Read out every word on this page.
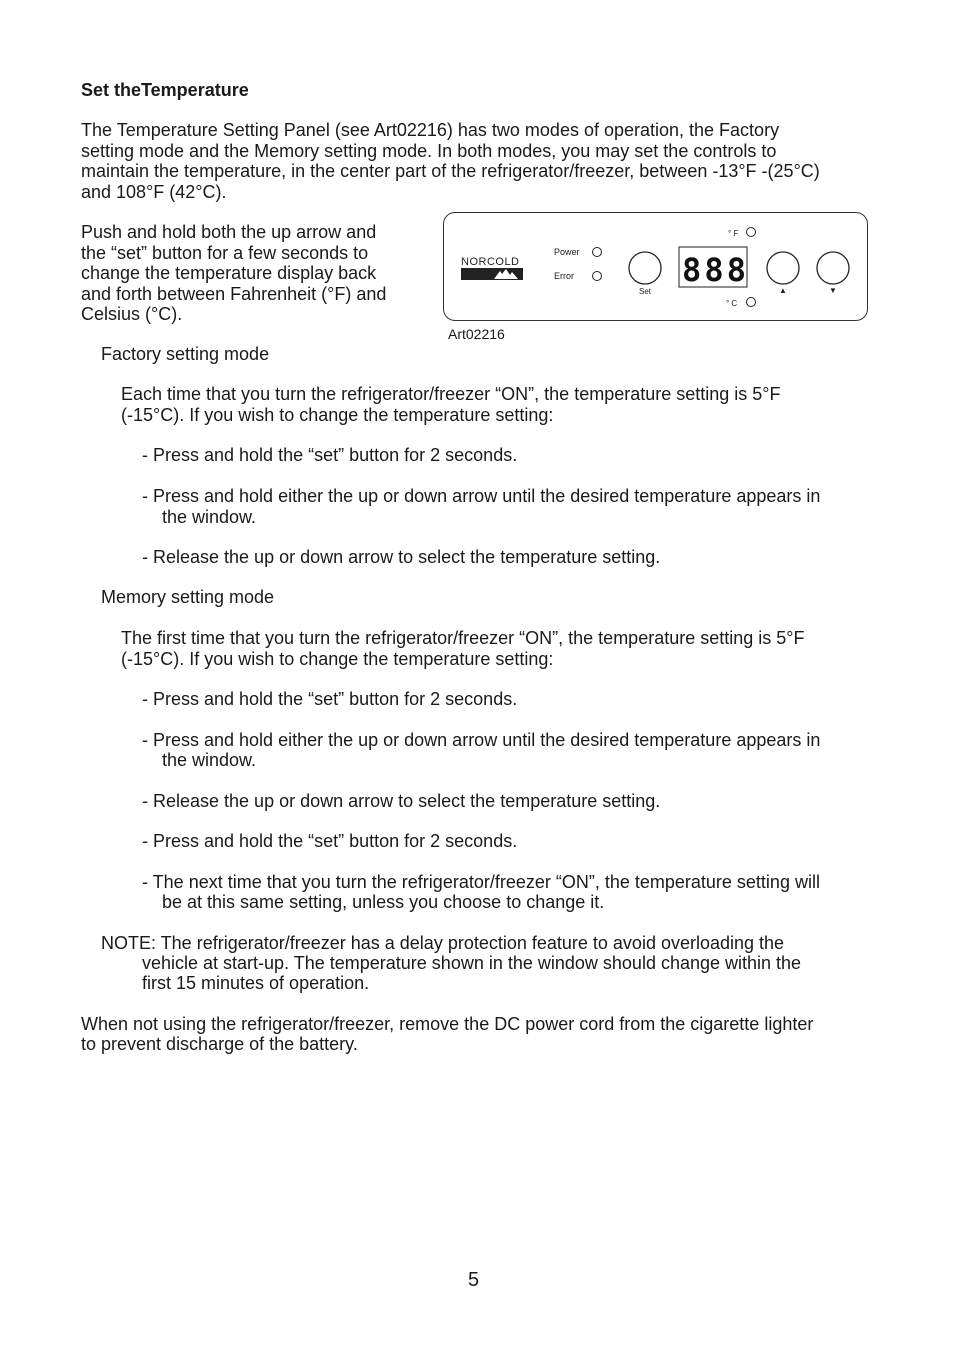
Set theTemperature

The Temperature Setting Panel (see Art02216) has two modes of operation, the Factory

setting mode and the Memory setting mode. In both modes, you may set the controls to

maintain the temperature, in the center part of the refrigerator/freezer, between -13°F -(25°C)

and 108°F (42°C).

Push and hold both the up arrow and

the “set” button for a few seconds to

change the temperature display back

and forth between Fahrenheit (°F) and

Celsius (°C).

NORCOLD
Power
Error
Set
888
° F
° C
▲	▼

Art02216

Factory setting mode

Each time that you turn the refrigerator/freezer “ON”, the temperature setting is 5°F

(-15°C). If you wish to change the temperature setting:

- Press and hold the “set” button for 2 seconds.

- Press and hold either the up or down arrow until the desired temperature appears in

the window.

- Release the up or down arrow to select the temperature setting.

Memory setting mode

The first time that you turn the refrigerator/freezer “ON”, the temperature setting is 5°F

(-15°C). If you wish to change the temperature setting:

- Press and hold the “set” button for 2 seconds.

- Press and hold either the up or down arrow until the desired temperature appears in

the window.

- Release the up or down arrow to select the temperature setting.

- Press and hold the “set” button for 2 seconds.

- The next time that you turn the refrigerator/freezer “ON”, the temperature setting will

be at this same setting, unless you choose to change it.

NOTE: The refrigerator/freezer has a delay protection feature to avoid overloading the

vehicle at start-up. The temperature shown in the window should change within the

first 15 minutes of operation.

When not using the refrigerator/freezer, remove the DC power cord from the cigarette lighter

to prevent discharge of the battery.

5
